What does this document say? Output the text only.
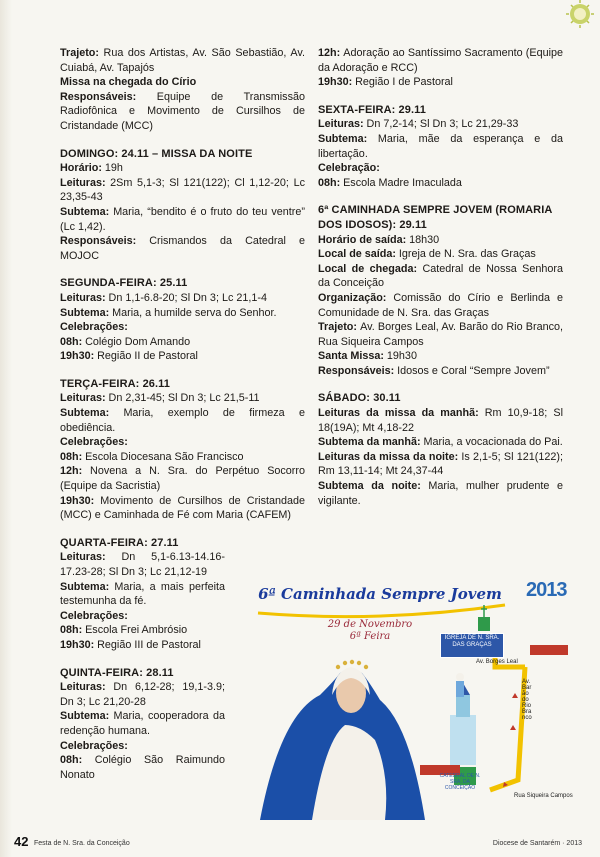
Trajeto: Rua dos Artistas, Av. São Sebastião, Av. Cuiabá, Av. Tapajós
Missa na chegada do Círio
Responsáveis: Equipe de Transmissão Radiofônica e Movimento de Cursilhos de Cristandade (MCC)
DOMINGO: 24.11 – MISSA DA NOITE
Horário: 19h
Leituras: 2Sm 5,1-3; Sl 121(122); Cl 1,12-20; Lc 23,35-43
Subtema: Maria, “bendito é o fruto do teu ventre” (Lc 1,42).
Responsáveis: Crismandos da Catedral e MOJOC
SEGUNDA-FEIRA: 25.11
Leituras: Dn 1,1-6.8-20; Sl Dn 3; Lc 21,1-4
Subtema: Maria, a humilde serva do Senhor.
Celebrações:
08h: Colégio Dom Amando
19h30: Região II de Pastoral
TERÇA-FEIRA: 26.11
Leituras: Dn 2,31-45; Sl Dn 3; Lc 21,5-11
Subtema: Maria, exemplo de firmeza e obediência.
Celebrações:
08h: Escola Diocesana São Francisco
12h: Novena a N. Sra. do Perpétuo Socorro (Equipe da Sacristia)
19h30: Movimento de Cursilhos de Cristandade (MCC) e Caminhada de Fé com Maria (CAFEM)
QUARTA-FEIRA: 27.11
Leituras: Dn 5,1-6.13-14.16-17.23-28; Sl Dn 3; Lc 21,12-19
Subtema: Maria, a mais perfeita testemunha da fé.
Celebrações:
08h: Escola Frei Ambrósio
19h30: Região III de Pastoral
QUINTA-FEIRA: 28.11
Leituras: Dn 6,12-28; 19,1-3.9; Dn 3; Lc 21,20-28
Subtema: Maria, cooperadora da redenção humana.
Celebrações:
08h: Colégio São Raimundo Nonato
12h: Adoração ao Santíssimo Sacramento (Equipe da Adoração e RCC)
19h30: Região I de Pastoral
SEXTA-FEIRA: 29.11
Leituras: Dn 7,2-14; Sl Dn 3; Lc 21,29-33
Subtema: Maria, mãe da esperança e da libertação.
Celebração:
08h: Escola Madre Imaculada
6ª CAMINHADA SEMPRE JOVEM (ROMARIA DOS IDOSOS): 29.11
Horário de saída: 18h30
Local de saída: Igreja de N. Sra. das Graças
Local de chegada: Catedral de Nossa Senhora da Conceição
Organização: Comissão do Círio e Berlinda e Comunidade de N. Sra. das Graças
Trajeto: Av. Borges Leal, Av. Barão do Rio Branco, Rua Siqueira Campos
Santa Missa: 19h30
Responsáveis: Idosos e Coral “Sempre Jovem”
SÁBADO: 30.11
Leituras da missa da manhã: Rm 10,9-18; Sl 18(19A); Mt 4,18-22
Subtema da manhã: Maria, a vocacionada do Pai.
Leituras da missa da noite: Is 2,1-5; Sl 121(122); Rm 13,11-14; Mt 24,37-44
Subtema da noite: Maria, mulher prudente e vigilante.
6ª Caminhada Sempre Jovem
29 de Novembro
6ª Feira
2013
IGREJA DE N. SRA. DAS GRAÇAS
Av. Borges Leal
Av. Barão do Rio Branco
Rua Siqueira Campos
CATEDRAL DE N. SRA. DA CONCEIÇÃO
42 Festa de N. Sra. da Conceição	Diocese de Santarém · 2013
